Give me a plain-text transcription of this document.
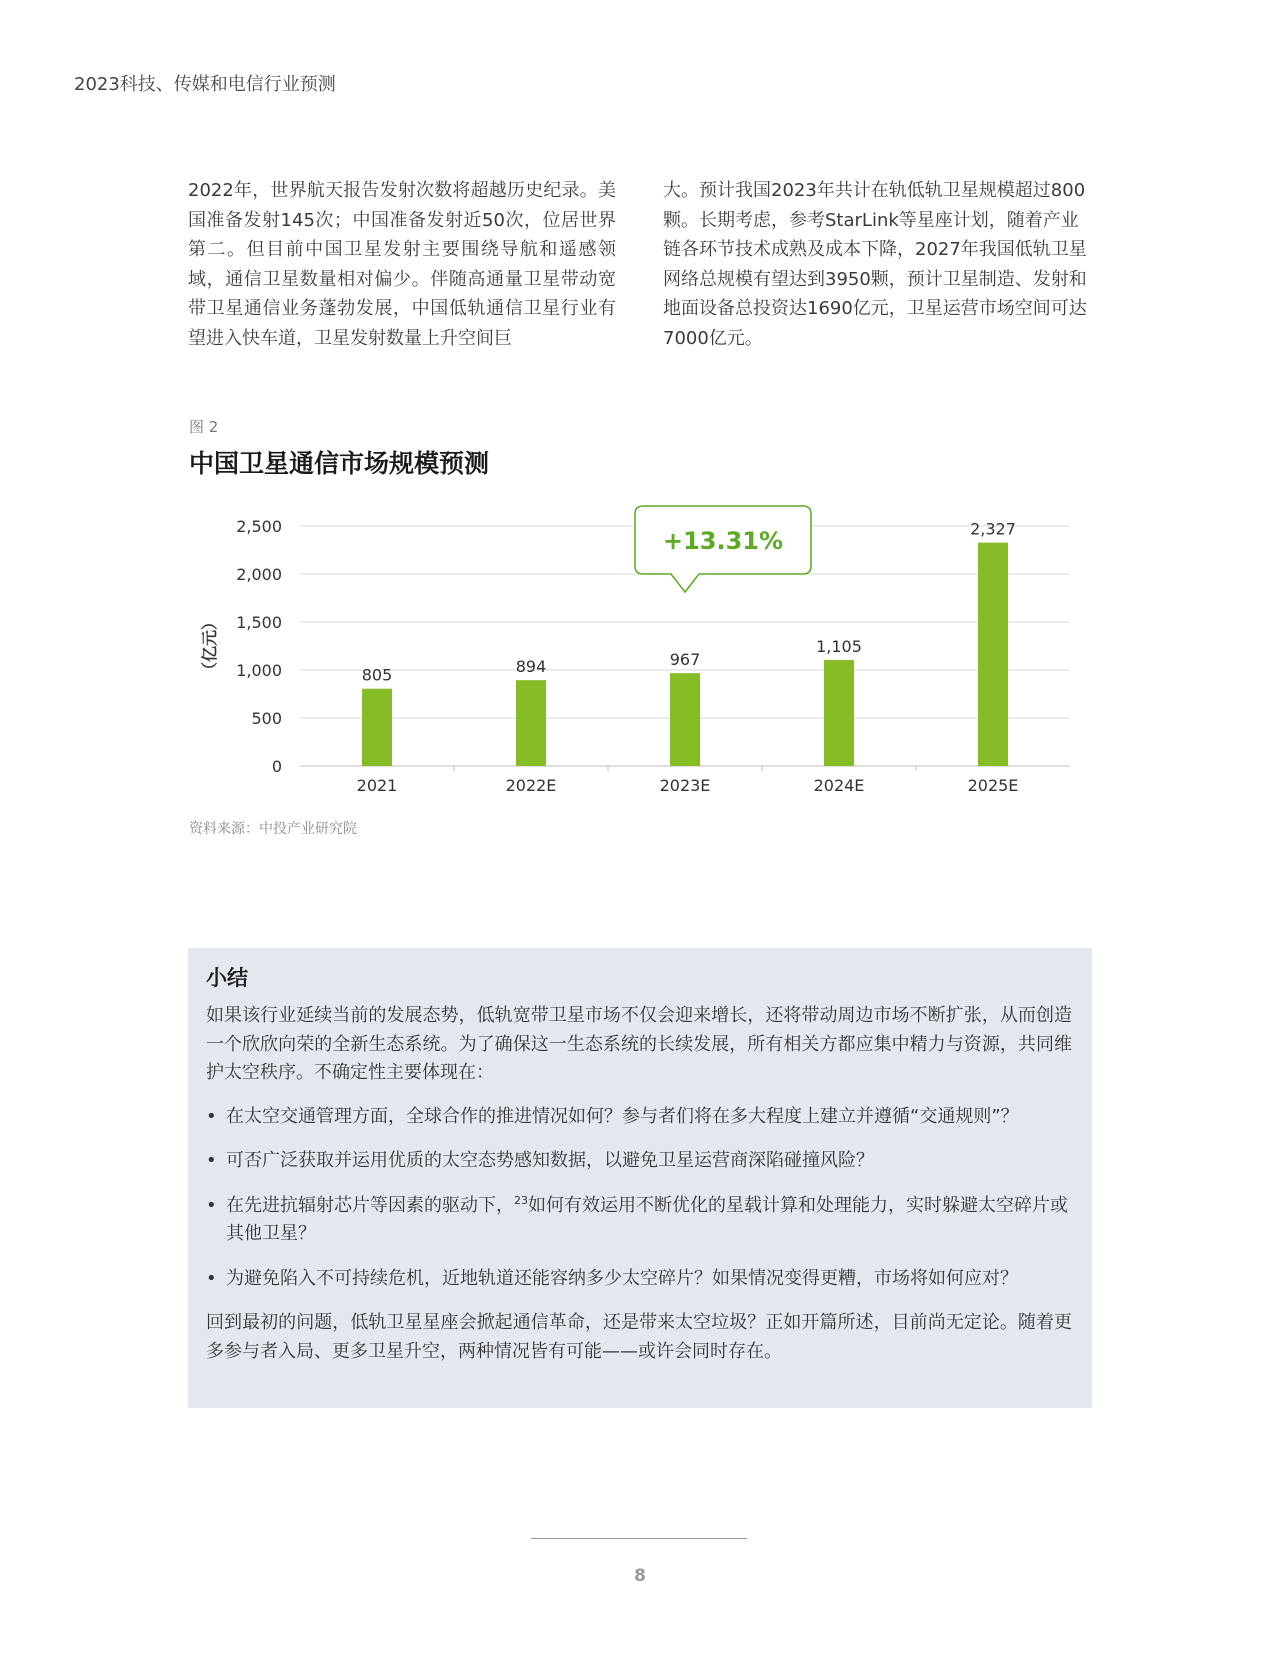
2023科技、传媒和电信行业预测
2022年，世界航天报告发射次数将超越历史纪录。美国准备发射145次；中国准备发射近50次，位居世界第二。但目前中国卫星发射主要围绕导航和遥感领域，通信卫星数量相对偏少。伴随高通量卫星带动宽带卫星通信业务蓬勃发展，中国低轨通信卫星行业有望进入快车道，卫星发射数量上升空间巨
大。预计我国2023年共计在轨低轨卫星规模超过800颗。长期考虑，参考StarLink等星座计划，随着产业链各环节技术成熟及成本下降，2027年我国低轨卫星网络总规模有望达到3950颗，预计卫星制造、发射和地面设备总投资达1690亿元，卫星运营市场空间可达7000亿元。
图 2
中国卫星通信市场规模预测
0
500
1,000
1,500
2,000
2,500
（亿元）	805	894	967
1,105
2,327
2021	2022E	2023E	2024E	2025E
+13.31%
资料来源：中投产业研究院
小结

如果该行业延续当前的发展态势，低轨宽带卫星市场不仅会迎来增长，还将带动周边市场不断扩张，从而创造一个欣欣向荣的全新生态系统。为了确保这一生态系统的长续发展，所有相关方都应集中精力与资源，共同维护太空秩序。不确定性主要体现在：

• 在太空交通管理方面，全球合作的推进情况如何？参与者们将在多大程度上建立并遵循“交通规则”？
• 可否广泛获取并运用优质的太空态势感知数据，以避免卫星运营商深陷碰撞风险？
• 在先进抗辐射芯片等因素的驱动下，$^{23}$如何有效运用不断优化的星载计算和处理能力，实时躲避太空碎片或其他卫星？
• 为避免陷入不可持续危机，近地轨道还能容纳多少太空碎片？如果情况变得更糟，市场将如何应对？

回到最初的问题，低轨卫星星座会掀起通信革命，还是带来太空垃圾？正如开篇所述，目前尚无定论。随着更多参与者入局、更多卫星升空，两种情况皆有可能——或许会同时存在。

8
